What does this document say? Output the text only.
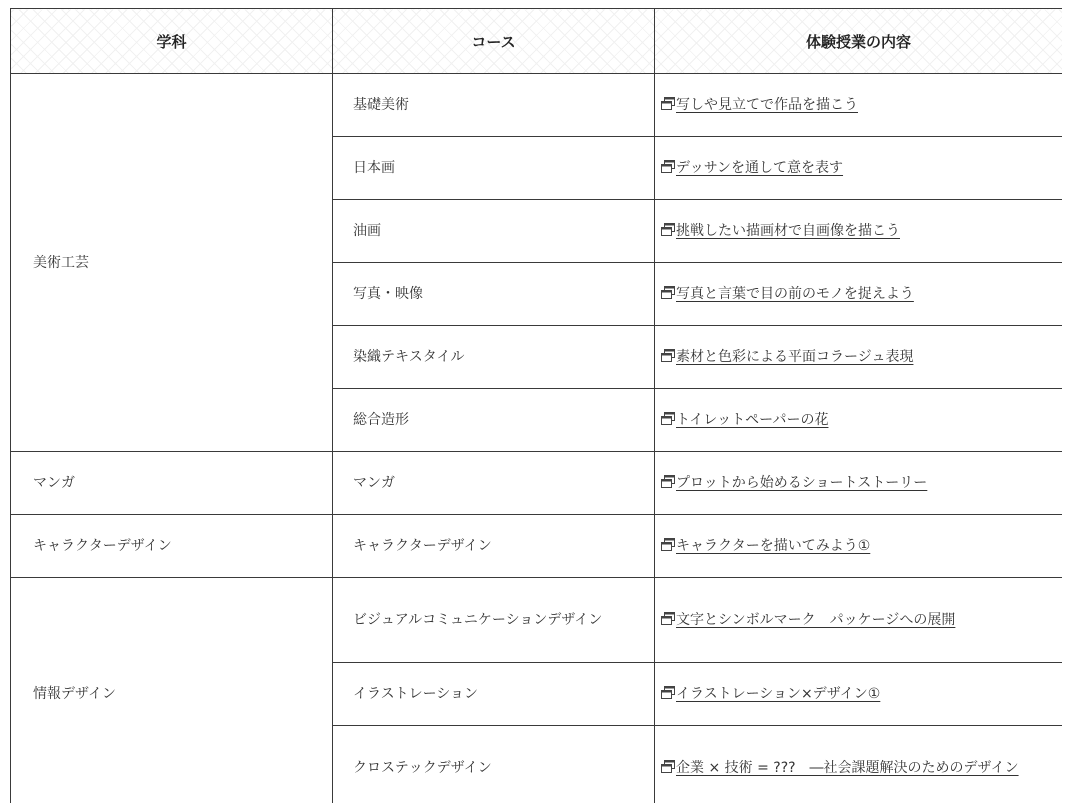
学科	コース	体験授業の内容
美術工芸	基礎美術	写しや見立てで作品を描こう
	日本画	デッサンを通して意を表す
	油画	挑戦したい描画材で自画像を描こう
	写真・映像	写真と言葉で目の前のモノを捉えよう
	染織テキスタイル	素材と色彩による平面コラージュ表現
	総合造形	トイレットペーパーの花
マンガ	マンガ	プロットから始めるショートストーリー
キャラクターデザイン	キャラクターデザイン	キャラクターを描いてみよう①
情報デザイン	ビジュアルコミュニケーションデザイン	文字とシンボルマーク　パッケージへの展開
	イラストレーション	イラストレーション×デザイン①
	クロステックデザイン	企業 × 技術 = ???　―社会課題解決のためのデザイン
